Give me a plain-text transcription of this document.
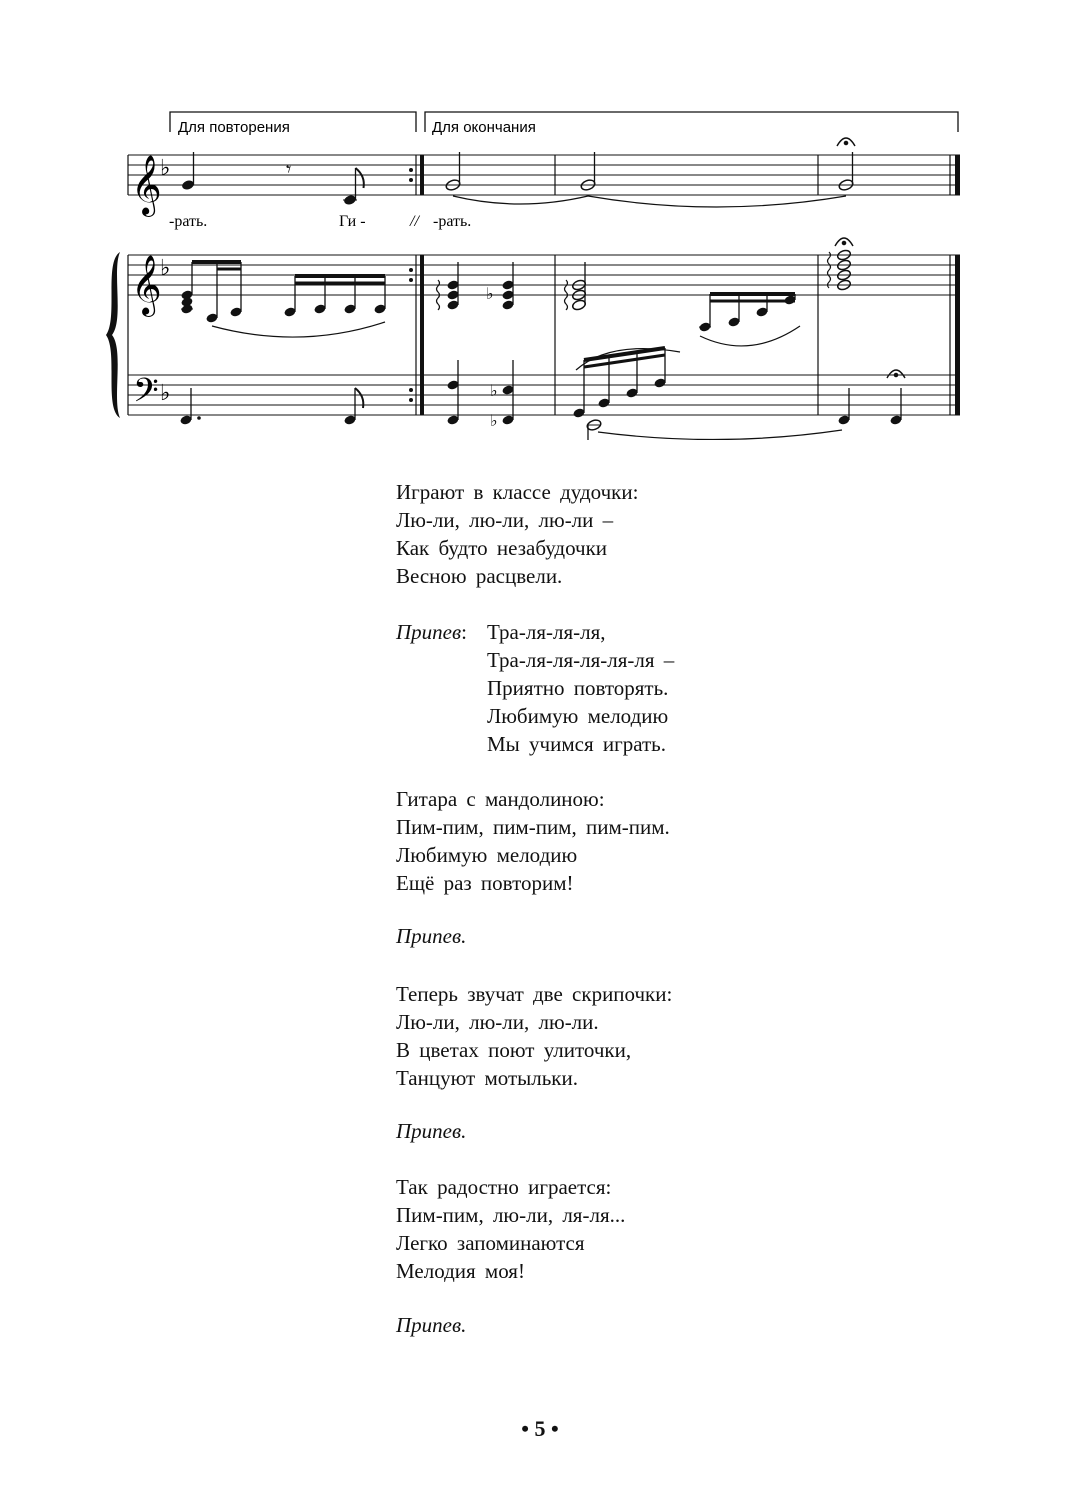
Для повторения	Для окончания
𝄞
𝄞
𝄢
♭
♭
♭
𝄾
-рать.	Ги -	// -рать.
♭
♭
♭
Играют в классе дудочки:
Лю-ли, лю-ли, лю-ли –
Как будто незабудочки
Весною расцвели.
Припев: Тра-ля-ля-ля,
Тра-ля-ля-ля-ля-ля –
Приятно повторять.
Любимую мелодию
Мы учимся играть.
Гитара с мандолиною:
Пим-пим, пим-пим, пим-пим.
Любимую мелодию
Ещё раз повторим!
Припев.
Теперь звучат две скрипочки:
Лю-ли, лю-ли, лю-ли.
В цветах поют улиточки,
Танцуют мотыльки.
Припев.
Так радостно играется:
Пим-пим, лю-ли, ля-ля...
Легко запоминаются
Мелодия моя!
Припев.
• 5 •
